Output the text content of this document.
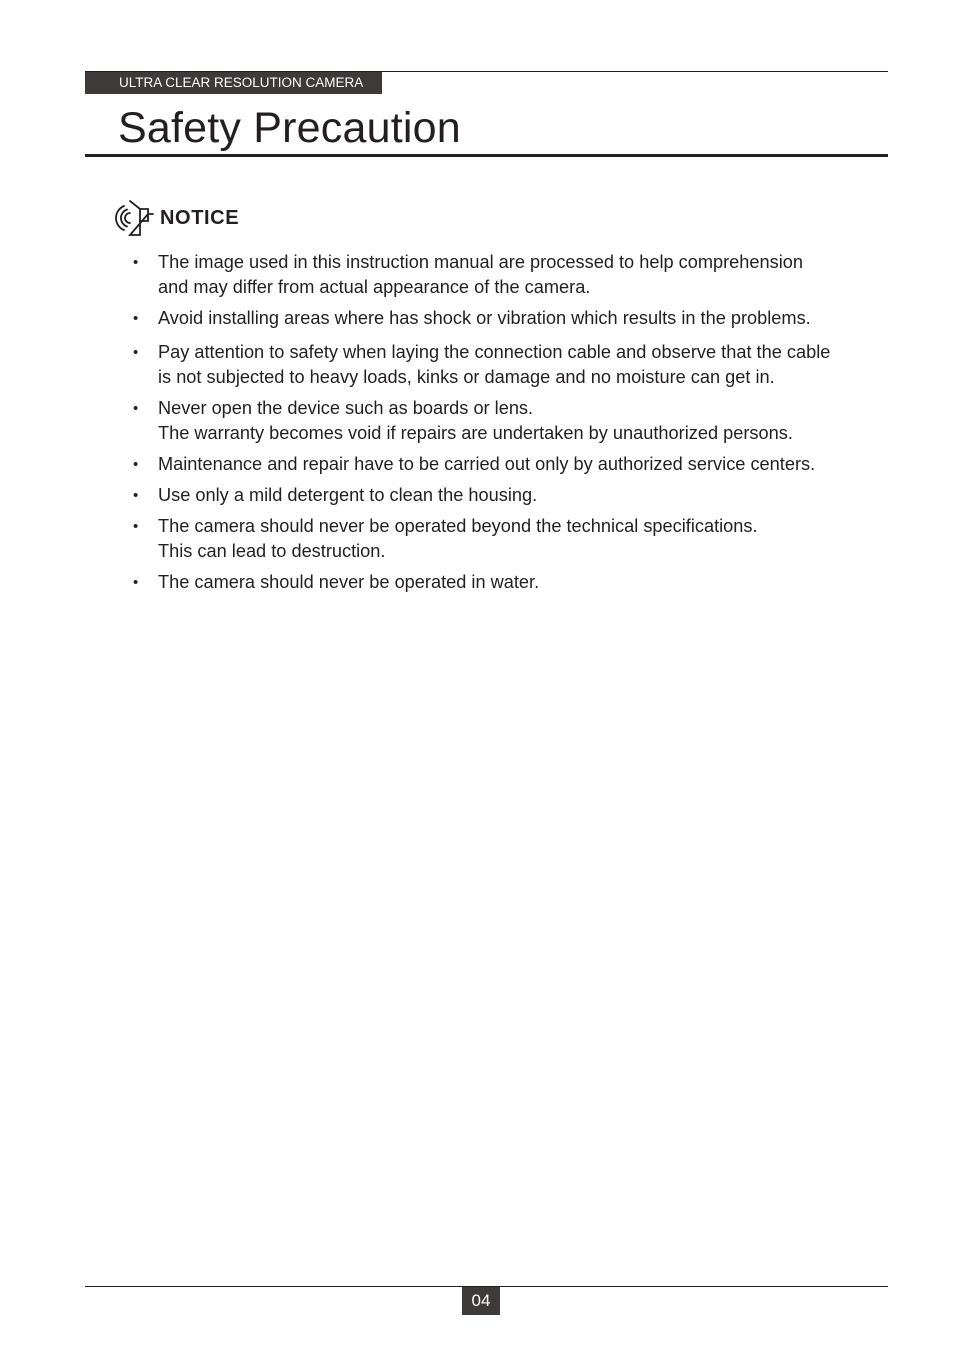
ULTRA CLEAR RESOLUTION CAMERA
Safety Precaution
NOTICE
• The image used in this instruction manual are processed to help comprehension
and may differ from actual appearance of the camera.
• Avoid installing areas where has shock or vibration which results in the problems.
• Pay attention to safety when laying the connection cable and observe that the cable
is not subjected to heavy loads, kinks or damage and no moisture can get in.
• Never open the device such as boards or lens.
The warranty becomes void if repairs are undertaken by unauthorized persons.
• Maintenance and repair have to be carried out only by authorized service centers.
• Use only a mild detergent to clean the housing.
• The camera should never be operated beyond the technical specifications.
This can lead to destruction.
• The camera should never be operated in water.
04
